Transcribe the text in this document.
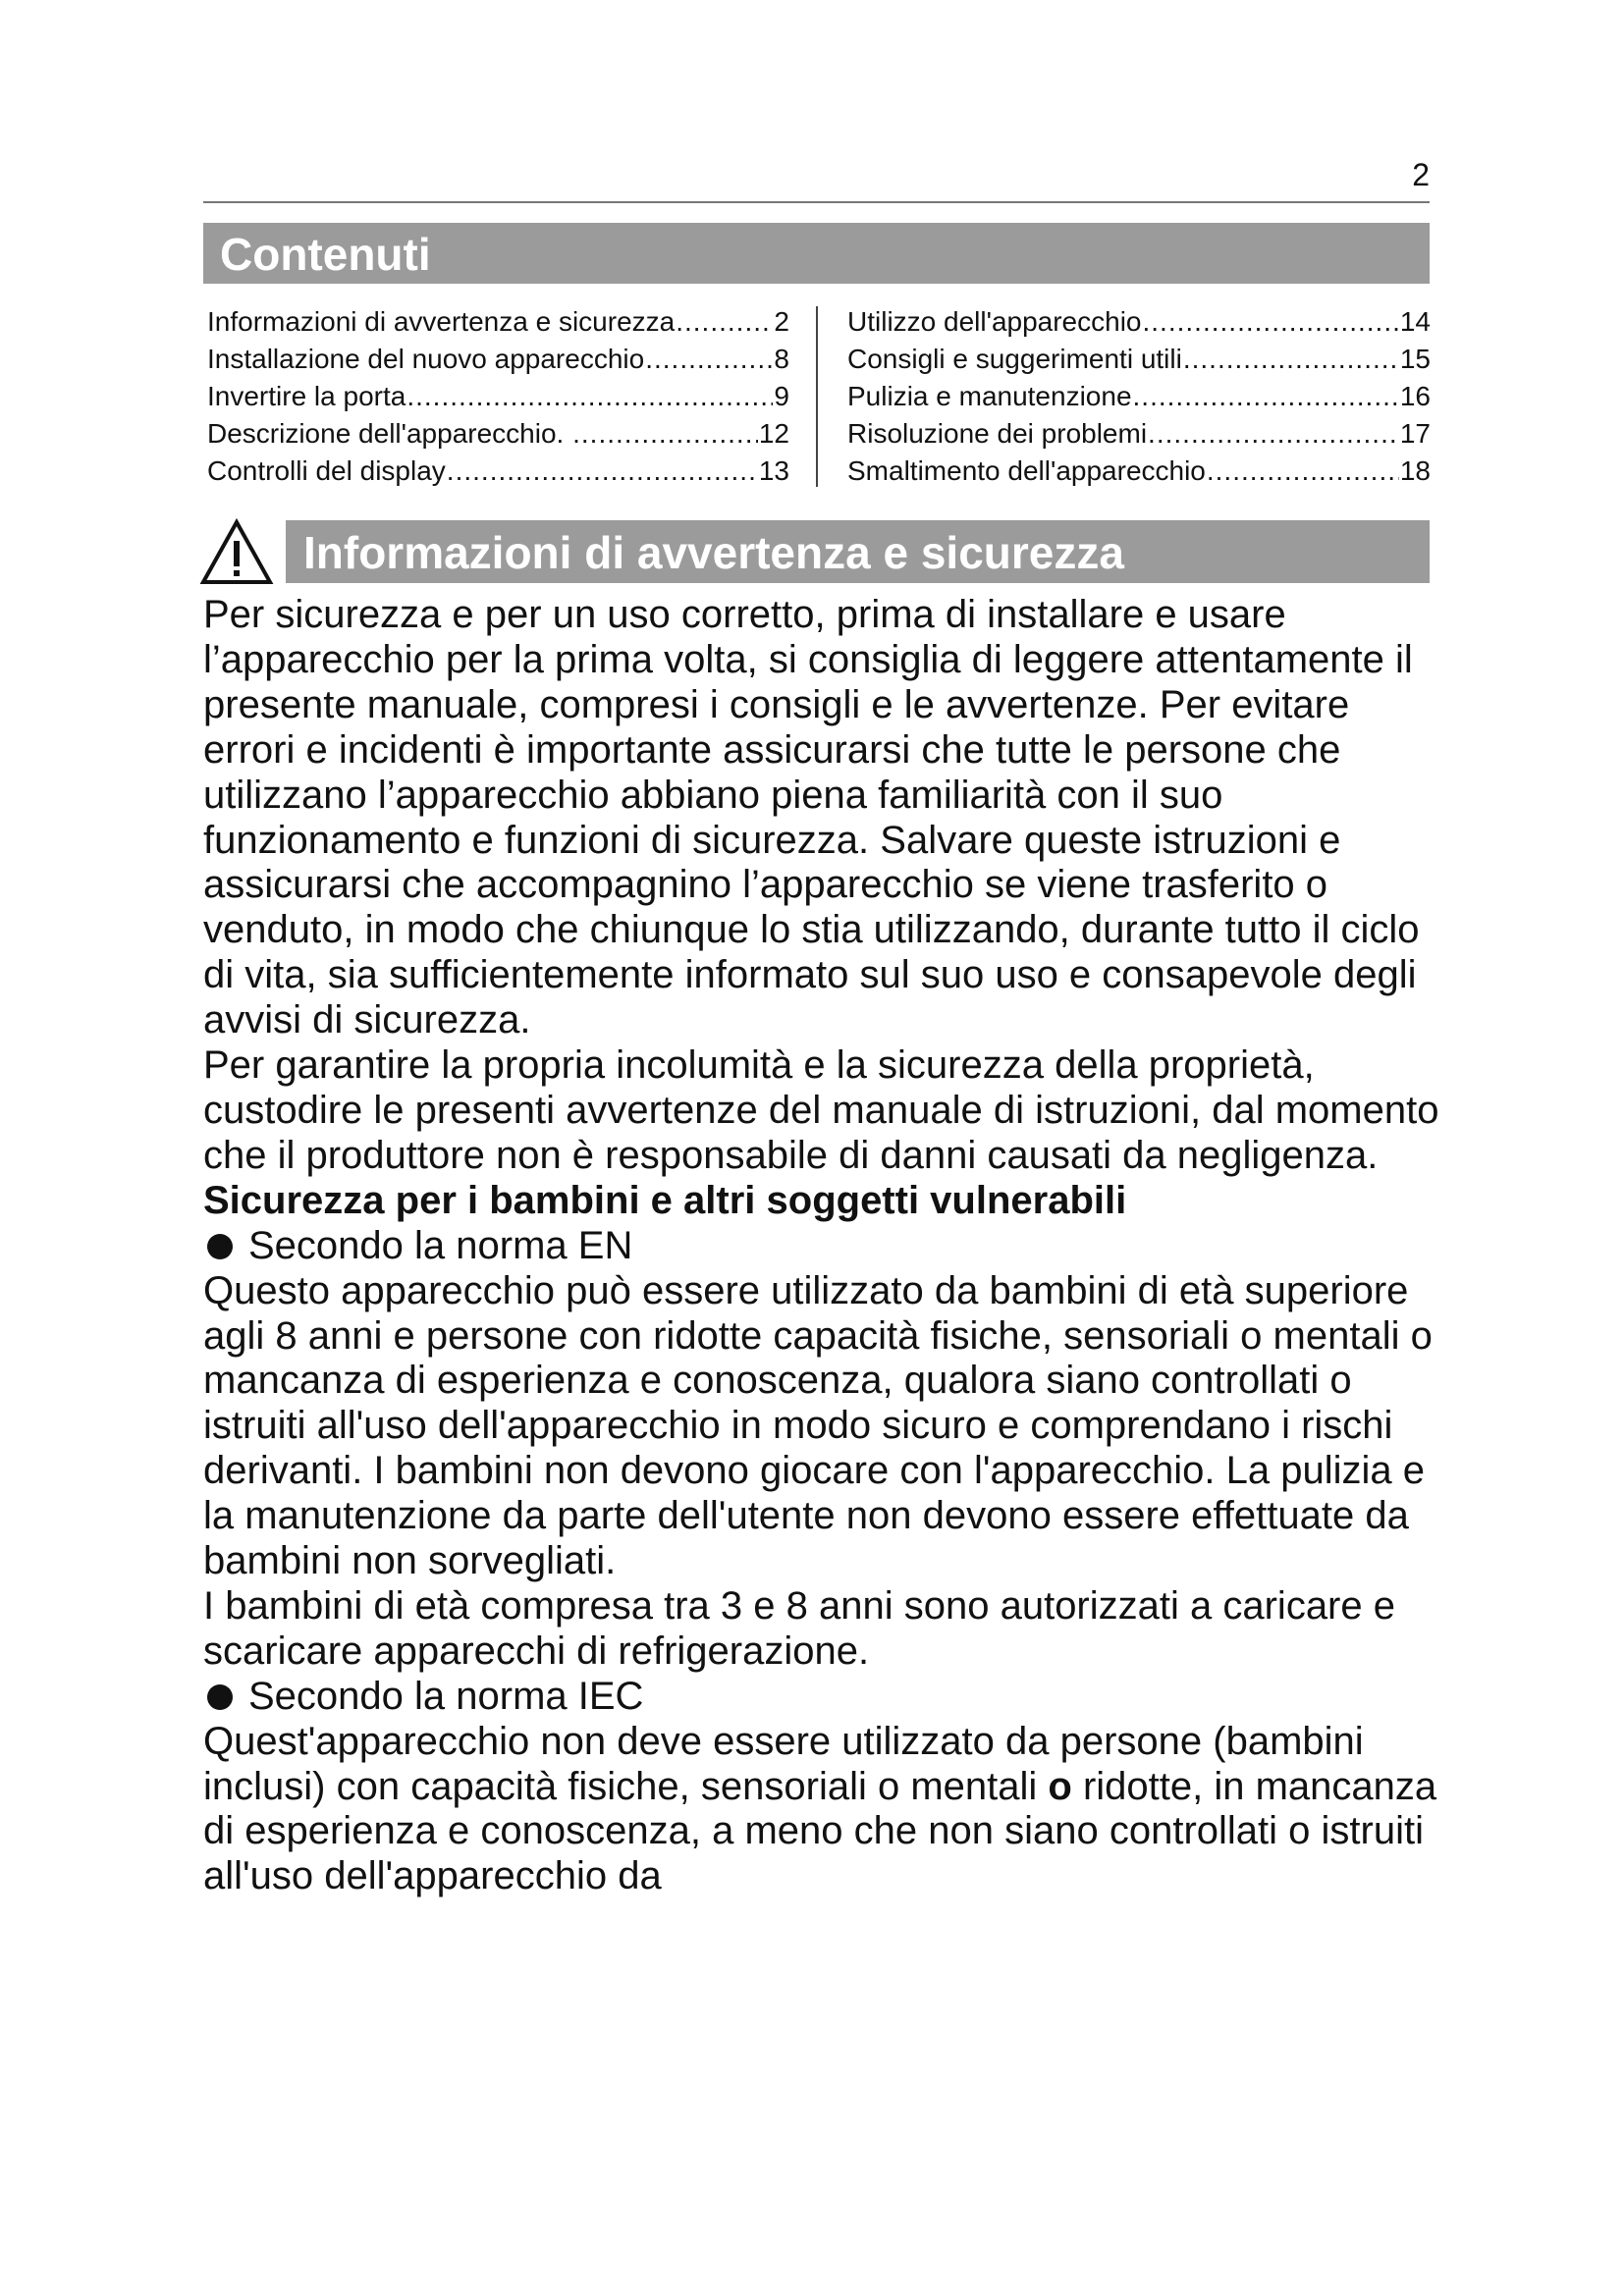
2
Contenuti
Informazioni di avvertenza e sicurezza .....	2
Installazione del nuovo apparecchio .....	8
Invertire la porta .....	9
Descrizione dell'apparecchio. .....	12
Controlli del display .....	13
Utilizzo dell'apparecchio .....	14
Consigli e suggerimenti utili .....	15
Pulizia e manutenzione .....	16
Risoluzione dei problemi .....	17
Smaltimento dell'apparecchio .....	18
Informazioni di avvertenza e sicurezza

Per sicurezza e per un uso corretto, prima di installare e usare l’apparecchio per la prima volta, si consiglia di leggere attentamente il presente manuale, compresi i consigli e le avvertenze. Per evitare errori e incidenti è importante assicurarsi che tutte le persone che utilizzano l’apparecchio abbiano piena familiarità con il suo funzionamento e funzioni di sicurezza. Salvare queste istruzioni e assicurarsi che accompagnino l’apparecchio se viene trasferito o venduto, in modo che chiunque lo stia utilizzando, durante tutto il ciclo di vita, sia sufficientemente informato sul suo uso e consapevole degli avvisi di sicurezza.

Per garantire la propria incolumità e la sicurezza della proprietà, custodire le presenti avvertenze del manuale di istruzioni, dal momento che il produttore non è responsabile di danni causati da negligenza.

Sicurezza per i bambini e altri soggetti vulnerabili

Secondo la norma EN

Questo apparecchio può essere utilizzato da bambini di età superiore agli 8 anni e persone con ridotte capacità fisiche, sensoriali o mentali o mancanza di esperienza e conoscenza, qualora siano controllati o istruiti all'uso dell'apparecchio in modo sicuro e comprendano i rischi derivanti. I bambini non devono giocare con l'apparecchio. La pulizia e la manutenzione da parte dell'utente non devono essere effettuate da bambini non sorvegliati.

I bambini di età compresa tra 3 e 8 anni sono autorizzati a caricare e scaricare apparecchi di refrigerazione.

Secondo la norma IEC

Quest'apparecchio non deve essere utilizzato da persone (bambini inclusi) con capacità fisiche, sensoriali o mentali o ridotte, in mancanza di esperienza e conoscenza, a meno che non siano controllati o istruiti all'uso dell'apparecchio da
